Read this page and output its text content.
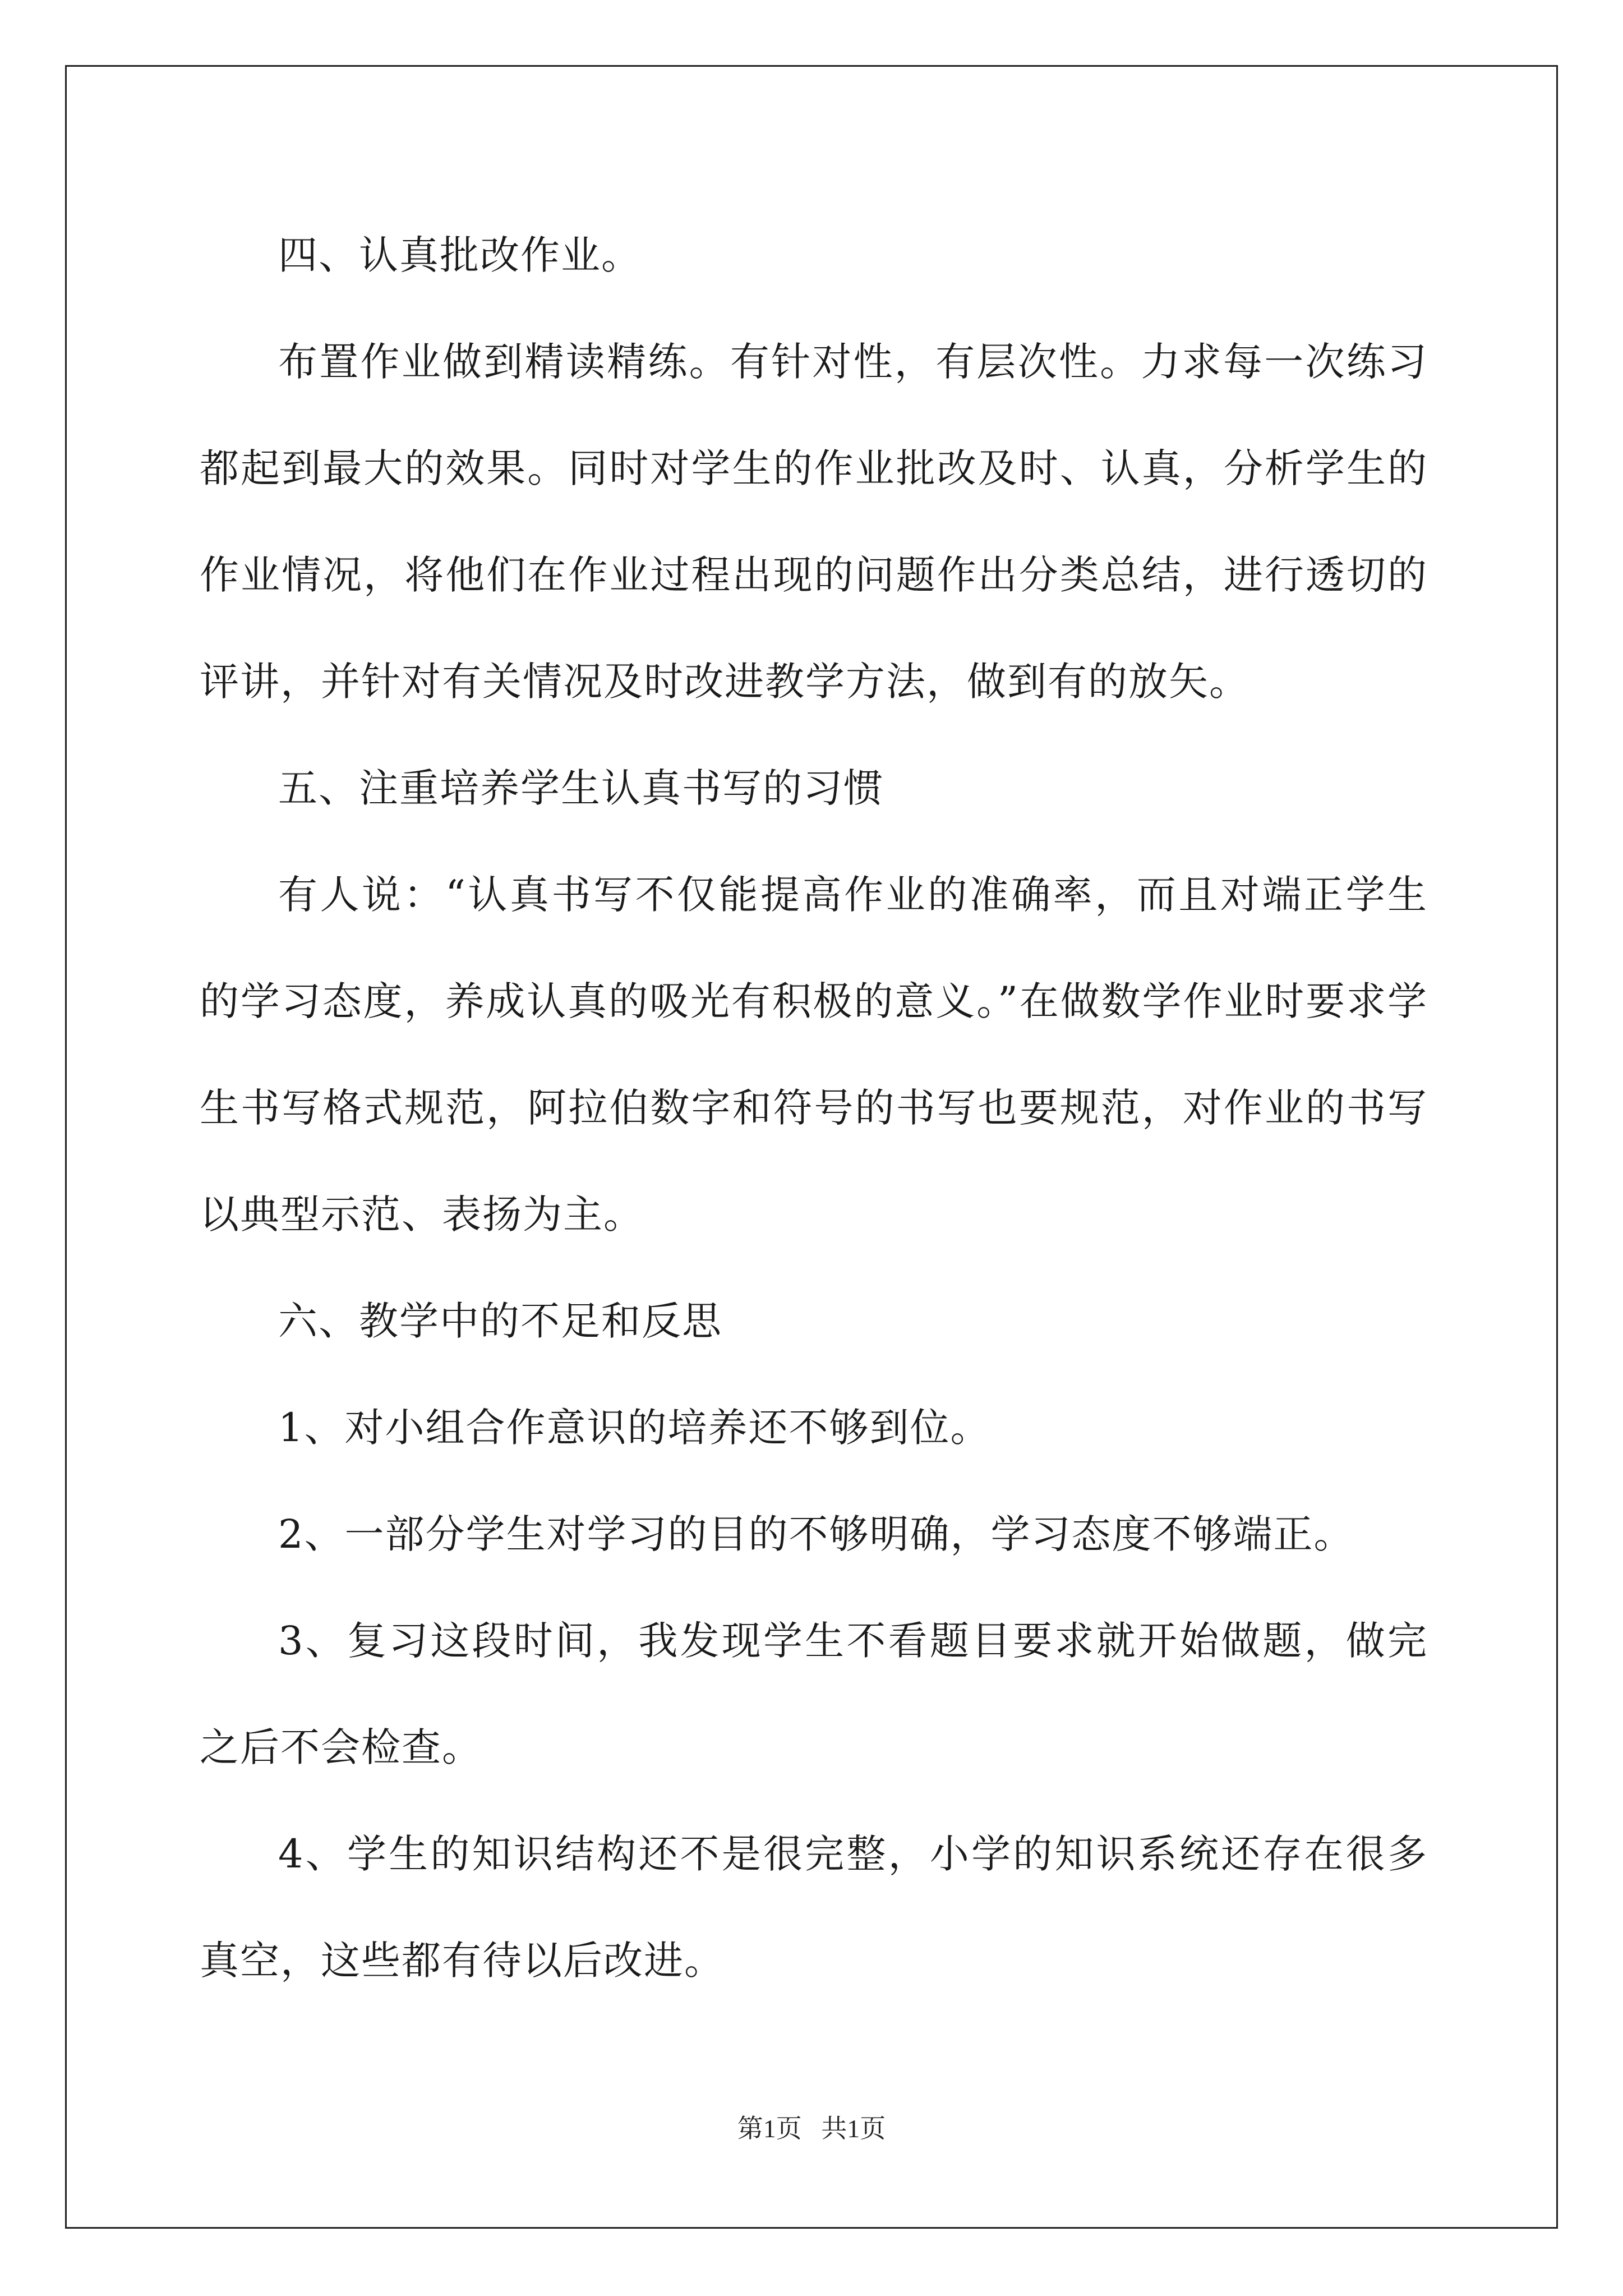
四、认真批改作业。

布置作业做到精读精练。有针对性，有层次性。力求每一次练习都起到最大的效果。同时对学生的作业批改及时、认真，分析学生的作业情况，将他们在作业过程出现的问题作出分类总结，进行透切的评讲，并针对有关情况及时改进教学方法，做到有的放矢。

五、注重培养学生认真书写的习惯

有人说：“认真书写不仅能提高作业的准确率，而且对端正学生的学习态度，养成认真的吸光有积极的意义。”在做数学作业时要求学生书写格式规范，阿拉伯数字和符号的书写也要规范，对作业的书写以典型示范、表扬为主。

六、教学中的不足和反思

1、对小组合作意识的培养还不够到位。

2、一部分学生对学习的目的不够明确，学习态度不够端正。

3、复习这段时间，我发现学生不看题目要求就开始做题，做完之后不会检查。

4、学生的知识结构还不是很完整，小学的知识系统还存在很多真空，这些都有待以后改进。

第1页 共1页
